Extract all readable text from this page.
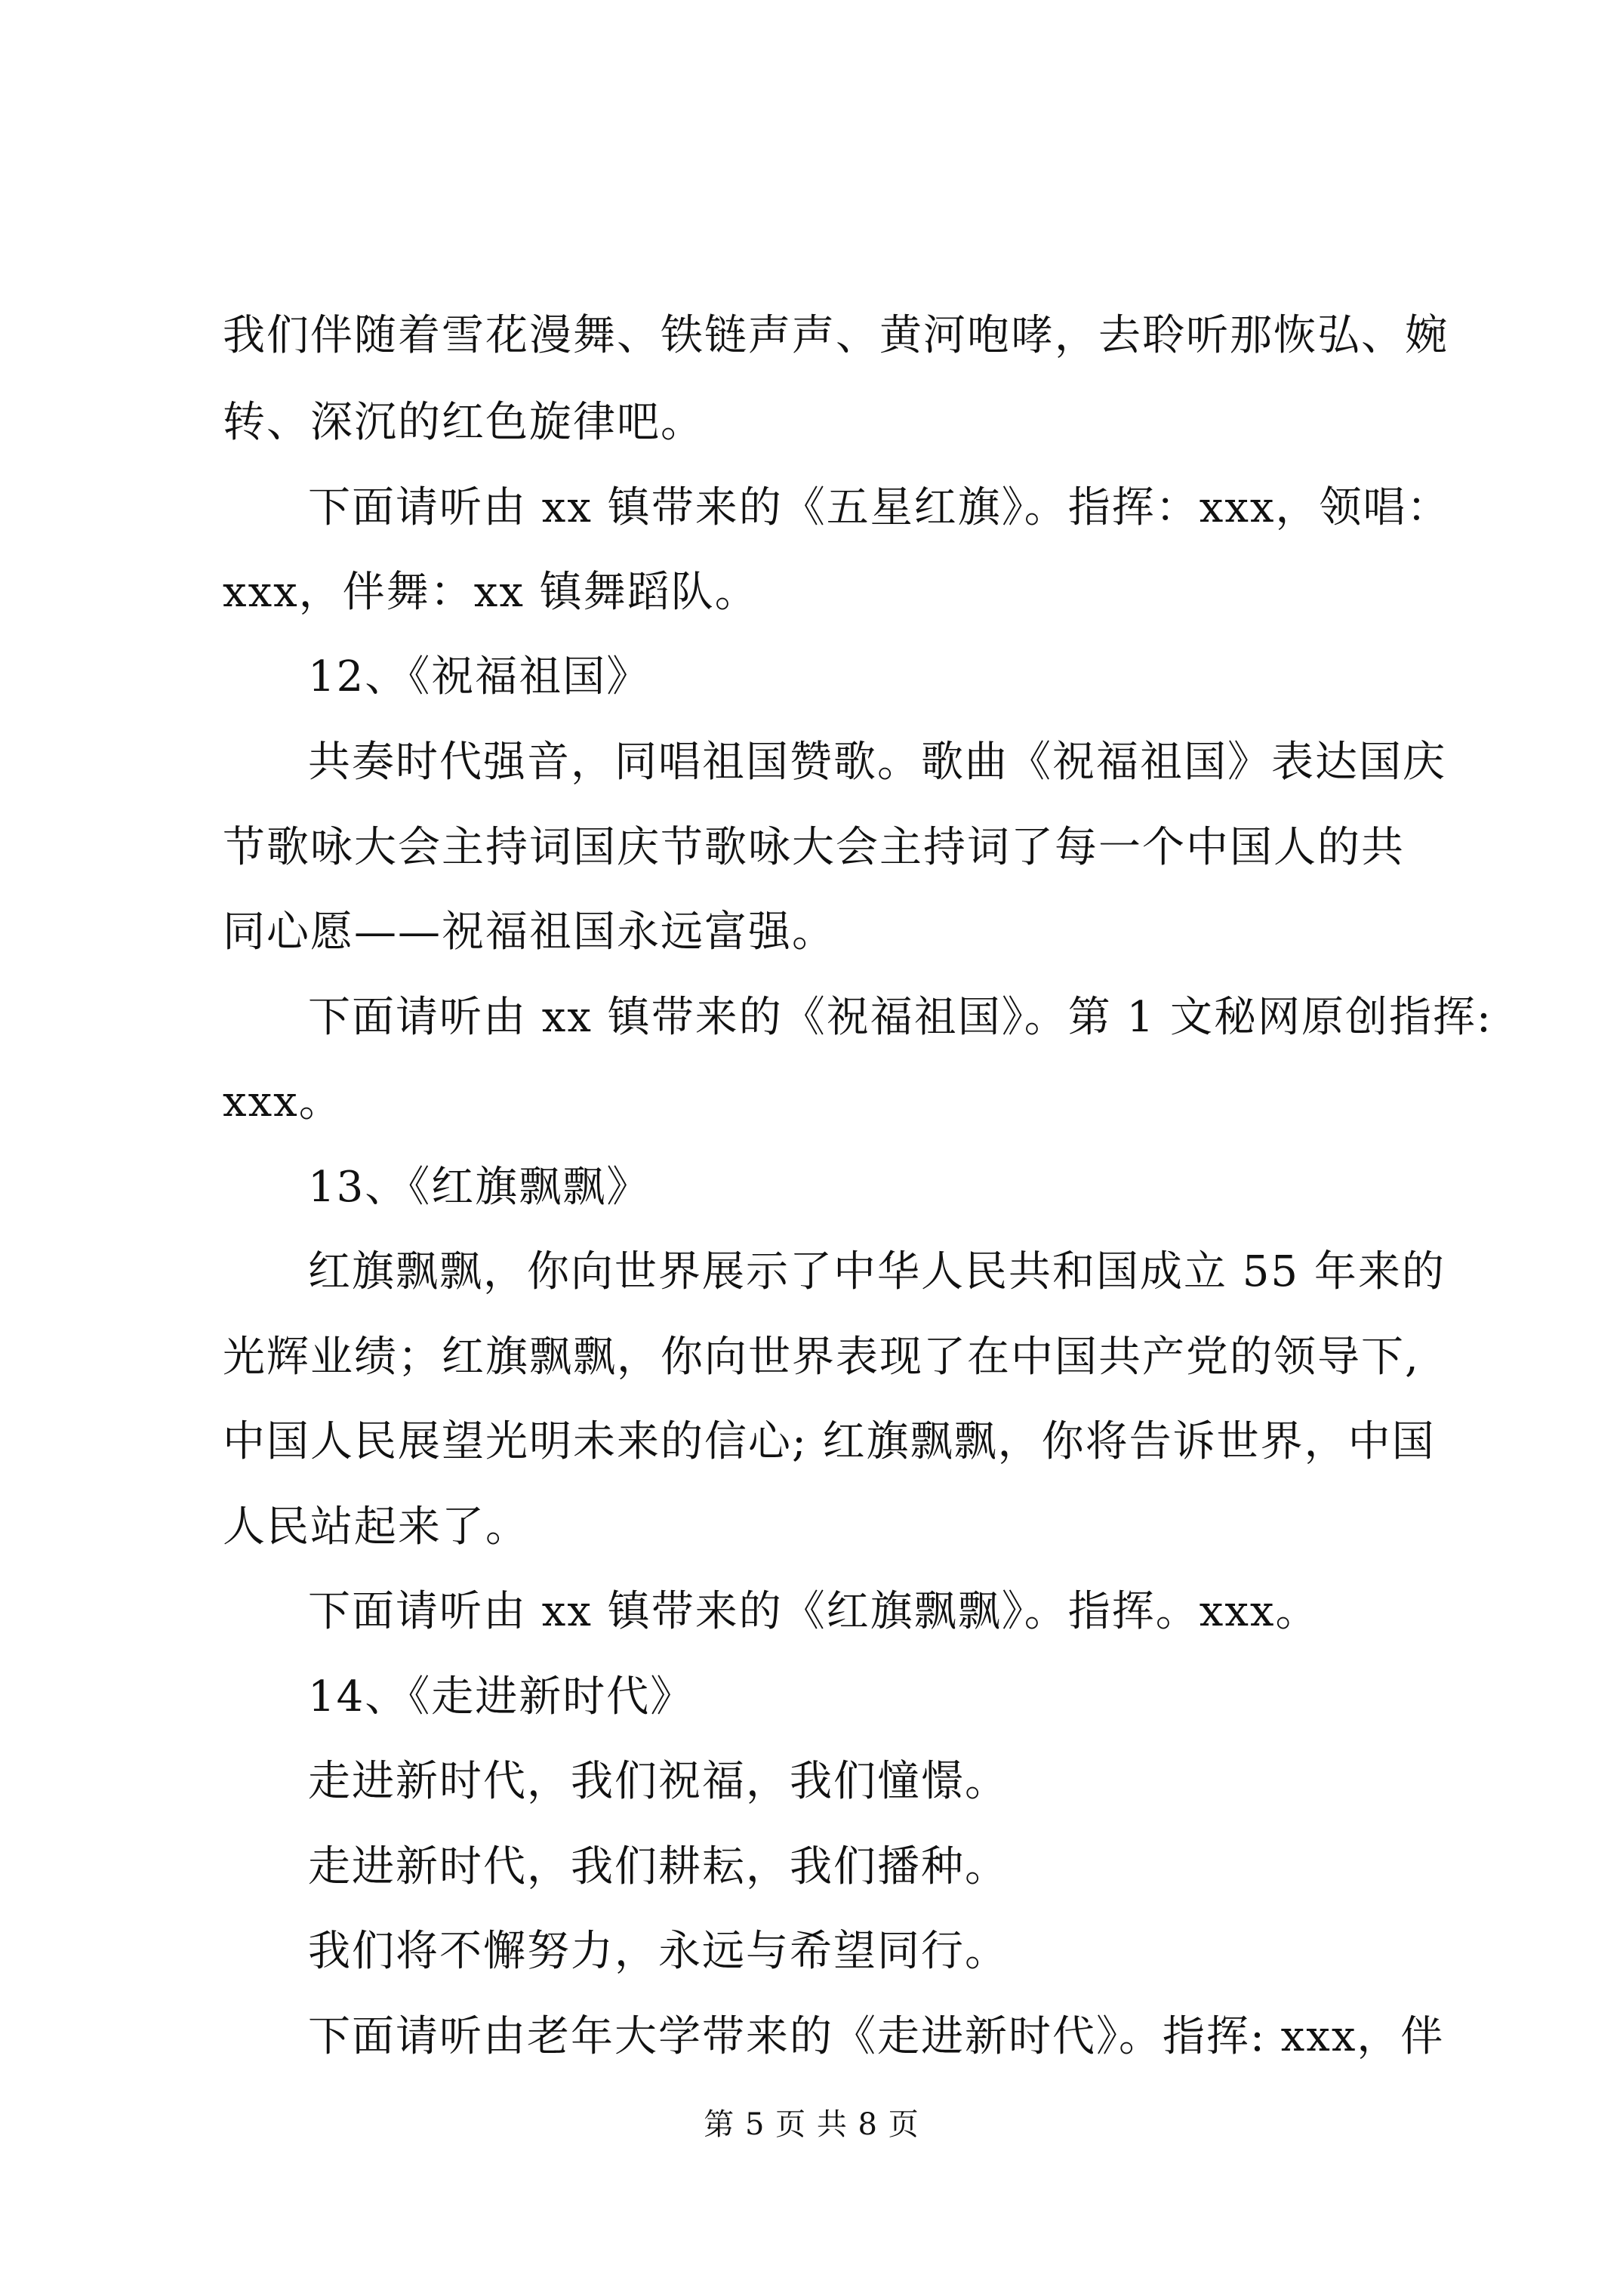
我们伴随着雪花漫舞、铁链声声、黄河咆哮，去聆听那恢弘、婉
转、深沉的红色旋律吧。
下面请听由 xx 镇带来的《五星红旗》。指挥：xxx，领唱：
xxx，伴舞：xx 镇舞蹈队。
12、《祝福祖国》
共奏时代强音，同唱祖国赞歌。歌曲《祝福祖国》表达国庆
节歌咏大会主持词国庆节歌咏大会主持词了每一个中国人的共
同心愿——祝福祖国永远富强。
下面请听由 xx 镇带来的《祝福祖国》。第 1 文秘网原创指挥:
xxx。
13、《红旗飘飘》
红旗飘飘，你向世界展示了中华人民共和国成立 55 年来的
光辉业绩；红旗飘飘，你向世界表现了在中国共产党的领导下,
中国人民展望光明未来的信心; 红旗飘飘，你将告诉世界，中国
人民站起来了。
下面请听由 xx 镇带来的《红旗飘飘》。指挥。xxx。
14、《走进新时代》
走进新时代，我们祝福，我们憧憬。
走进新时代，我们耕耘，我们播种。
我们将不懈努力，永远与希望同行。
下面请听由老年大学带来的《走进新时代》。指挥: xxx，伴
第 5 页 共 8 页
